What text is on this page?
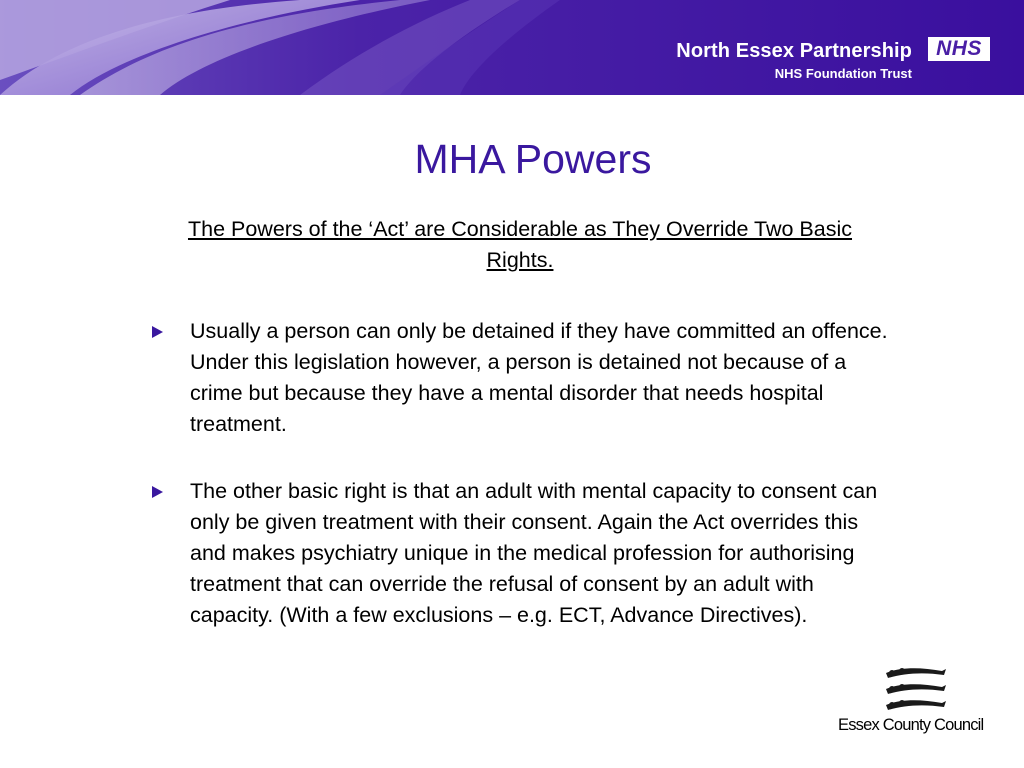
North Essex Partnership
NHS Foundation Trust
NHS
MHA Powers
The Powers of the ‘Act’ are Considerable as They Override Two Basic Rights.
Usually a person can only be detained if they have committed an offence. Under this legislation however, a person is detained not because of a crime but because they have a mental disorder that needs hospital treatment.
The other basic right is that an adult with mental capacity to consent can only be given treatment with their consent. Again the Act overrides this and makes psychiatry unique in the medical profession for authorising treatment that can override the refusal of consent by an adult with capacity. (With a few exclusions – e.g. ECT, Advance Directives).
Essex County Council
